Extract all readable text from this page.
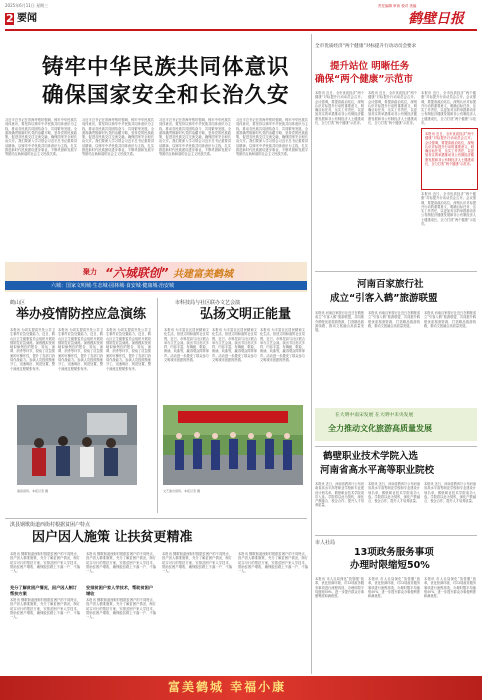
2025年6月11日 星期三
2 要闻
责任编辑 审读 校对 美编
鹤壁日报
铸牢中华民族共同体意识
确保国家安全和长治久安
习近平总书记在青海考察时强调，铸牢中华民族共同体意识，要坚持以铸牢中华民族共同体意识为主线，推动各民族共同团结奋斗、共同繁荣发展。全面准确贯彻新时代党的治藏方略，坚持党的民族政策，促进各民族交往交流交融，确保国家安全和长治久安。我们要深入学习领会习近平总书记重要讲话精神，以铸牢中华民族共同体意识为主线，扎实推进新时代民族团结进步事业，不断巩固和发展平等团结互助和谐的社会主义民族关系。
习近平总书记在青海考察时强调，铸牢中华民族共同体意识，要坚持以铸牢中华民族共同体意识为主线，推动各民族共同团结奋斗、共同繁荣发展。全面准确贯彻新时代党的治藏方略，坚持党的民族政策，促进各民族交往交流交融，确保国家安全和长治久安。我们要深入学习领会习近平总书记重要讲话精神，以铸牢中华民族共同体意识为主线，扎实推进新时代民族团结进步事业，不断巩固和发展平等团结互助和谐的社会主义民族关系。
习近平总书记在青海考察时强调，铸牢中华民族共同体意识，要坚持以铸牢中华民族共同体意识为主线，推动各民族共同团结奋斗、共同繁荣发展。全面准确贯彻新时代党的治藏方略，坚持党的民族政策，促进各民族交往交流交融，确保国家安全和长治久安。我们要深入学习领会习近平总书记重要讲话精神，以铸牢中华民族共同体意识为主线，扎实推进新时代民族团结进步事业，不断巩固和发展平等团结互助和谐的社会主义民族关系。
习近平总书记在青海考察时强调，铸牢中华民族共同体意识，要坚持以铸牢中华民族共同体意识为主线，推动各民族共同团结奋斗、共同繁荣发展。全面准确贯彻新时代党的治藏方略，坚持党的民族政策，促进各民族交往交流交融，确保国家安全和长治久安。我们要深入学习领会习近平总书记重要讲话精神，以铸牢中华民族共同体意识为主线，扎实推进新时代民族团结进步事业，不断巩固和发展平等团结互助和谐的社会主义民族关系。
聚力 “六城联创” 共建富美鹤城
六城：国家文明城·生态城·园林城·食安城·健康城·治安城
鹤山区
举办疫情防控应急演练
本报讯 为切实提高突发公共卫生事件应急处置能力，近日，鹤山区卫生健康委员会组织开展疫情防控应急演练。演练模拟发现疑似病例后的报告、转运、流调、消杀等环节，检验了应急预案的可操作性，提升了各部门协同作战能力。参演人员按照预案分工，迅速响应、规范处置，整个演练过程紧张有序。
本报讯 为切实提高突发公共卫生事件应急处置能力，近日，鹤山区卫生健康委员会组织开展疫情防控应急演练。演练模拟发现疑似病例后的报告、转运、流调、消杀等环节，检验了应急预案的可操作性，提升了各部门协同作战能力。参演人员按照预案分工，迅速响应、规范处置，整个演练过程紧张有序。
本报讯 为切实提高突发公共卫生事件应急处置能力，近日，鹤山区卫生健康委员会组织开展疫情防控应急演练。演练模拟发现疑似病例后的报告、转运、流调、消杀等环节，检验了应急预案的可操作性，提升了各部门协同作战能力。参演人员按照预案分工，迅速响应、规范处置，整个演练过程紧张有序。
演练现场。本报记者 摄
市科技局与社区联办文艺会演
弘扬文明正能量
本报讯 为丰富社区居民精神文化生活，营造文明和谐的社区氛围，近日，市科技局与社区联合举办文艺会演。演出节目形式多样、内容丰富，有舞蹈、歌曲、朗诵、戏曲等，赢得观众阵阵掌声。活动进一步激发了群众参与文明城市创建的热情。
本报讯 为丰富社区居民精神文化生活，营造文明和谐的社区氛围，近日，市科技局与社区联合举办文艺会演。演出节目形式多样、内容丰富，有舞蹈、歌曲、朗诵、戏曲等，赢得观众阵阵掌声。活动进一步激发了群众参与文明城市创建的热情。
本报讯 为丰富社区居民精神文化生活，营造文明和谐的社区氛围，近日，市科技局与社区联合举办文艺会演。演出节目形式多样、内容丰富，有舞蹈、歌曲、朗诵、戏曲等，赢得观众阵阵掌声。活动进一步激发了群众参与文明城市创建的热情。
文艺演出现场。本报记者 摄
淇县钢歌街道西街村根据贫困户特点
因户因人施策 让扶贫更精准
本报讯 钢歌街道西街村根据贫困户的不同特点，因户因人精准施策，充分了解贫困户情况，制订切实可行的帮扶方案，安排贫困户家人学技术，帮助贫困户增收，确保脱贫路上不落一户、不落一人。
充分了解贫困户情况，因户因人制订帮扶方案
本报讯 钢歌街道西街村根据贫困户的不同特点，因户因人精准施策，充分了解贫困户情况，制订切实可行的帮扶方案，安排贫困户家人学技术，帮助贫困户增收，确保脱贫路上不落一户、不落一人。
本报讯 钢歌街道西街村根据贫困户的不同特点，因户因人精准施策，充分了解贫困户情况，制订切实可行的帮扶方案，安排贫困户家人学技术，帮助贫困户增收，确保脱贫路上不落一户、不落一人。
安排贫困户家人学技术，帮助贫困户增收
本报讯 钢歌街道西街村根据贫困户的不同特点，因户因人精准施策，充分了解贫困户情况，制订切实可行的帮扶方案，安排贫困户家人学技术，帮助贫困户增收，确保脱贫路上不落一户、不落一人。
本报讯 钢歌街道西街村根据贫困户的不同特点，因户因人精准施策，充分了解贫困户情况，制订切实可行的帮扶方案，安排贫困户家人学技术，帮助贫困户增收，确保脱贫路上不落一户、不落一人。
本报讯 钢歌街道西街村根据贫困户的不同特点，因户因人精准施策，充分了解贫困户情况，制订切实可行的帮扶方案，安排贫困户家人学技术，帮助贫困户增收，确保脱贫路上不落一户、不落一人。
全市优质经济“两个健康”对标提升行动动员会要求
提升站位 明晰任务
确保“两个健康”示范市
本报讯 近日，全市优质经济“两个健康”对标提升行动动员会召开。会议强调，要提高政治站位，深刻认识对标提升行动的重要意义，明确目标任务，压实工作责任，以更加务实的举措推动非公有制经济健康发展和非公有制经济人士健康成长，全力打造“两个健康”示范市。
本报讯 近日，全市优质经济“两个健康”对标提升行动动员会召开。会议强调，要提高政治站位，深刻认识对标提升行动的重要意义，明确目标任务，压实工作责任，以更加务实的举措推动非公有制经济健康发展和非公有制经济人士健康成长，全力打造“两个健康”示范市。
本报讯 近日，全市优质经济“两个健康”对标提升行动动员会召开。会议强调，要提高政治站位，深刻认识对标提升行动的重要意义，明确目标任务，压实工作责任，以更加务实的举措推动非公有制经济健康发展和非公有制经济人士健康成长，全力打造“两个健康”示范市。
本报讯 近日，全市优质经济“两个健康”对标提升行动动员会召开。会议强调，要提高政治站位，深刻认识对标提升行动的重要意义，明确目标任务，压实工作责任，以更加务实的举措推动非公有制经济健康发展和非公有制经济人士健康成长，全力打造“两个健康”示范市。
本报讯 近日，全市优质经济“两个健康”对标提升行动动员会召开。会议强调，要提高政治站位，深刻认识对标提升行动的重要意义，明确目标任务，压实工作责任，以更加务实的举措推动非公有制经济健康发展和非公有制经济人士健康成长，全力打造“两个健康”示范市。
河南百家旅行社
成立“引客入鹤”旅游联盟
本报讯 河南百家旅行社近日在鹤壁成立“引客入鹤”旅游联盟，共同推介鹤壁优质旅游资源，打造精品旅游线路，推动文旅融合高质量发展。
本报讯 河南百家旅行社近日在鹤壁成立“引客入鹤”旅游联盟，共同推介鹤壁优质旅游资源，打造精品旅游线路，推动文旅融合高质量发展。
本报讯 河南百家旅行社近日在鹤壁成立“引客入鹤”旅游联盟，共同推介鹤壁优质旅游资源，打造精品旅游线路，推动文旅融合高质量发展。
在大明中南宋发展 在大明中未央发展
全力推动文化旅游高质量发展
鹤壁职业技术学院入选
河南省高水平高等职业院校
本报讯 近日，河南省教育厅公布河南省高水平高等职业学校和专业建设计划名单，鹤壁职业技术学院成功入选。学院将以此为契机，深化产教融合、校企合作，提升人才培养质量。
本报讯 近日，河南省教育厅公布河南省高水平高等职业学校和专业建设计划名单，鹤壁职业技术学院成功入选。学院将以此为契机，深化产教融合、校企合作，提升人才培养质量。
本报讯 近日，河南省教育厅公布河南省高水平高等职业学校和专业建设计划名单，鹤壁职业技术学院成功入选。学院将以此为契机，深化产教融合、校企合作，提升人才培养质量。
市人社局
13项政务服务事项
办理时限缩短50%
本报讯 市人社局深化“放管服”改革，优化营商环境，对13项政务服务事项进行流程再造，办理时限平均缩短50%，进一步提升群众办事便利度和满意度。
本报讯 市人社局深化“放管服”改革，优化营商环境，对13项政务服务事项进行流程再造，办理时限平均缩短50%，进一步提升群众办事便利度和满意度。
本报讯 市人社局深化“放管服”改革，优化营商环境，对13项政务服务事项进行流程再造，办理时限平均缩短50%，进一步提升群众办事便利度和满意度。
富美鹤城 幸福小康
